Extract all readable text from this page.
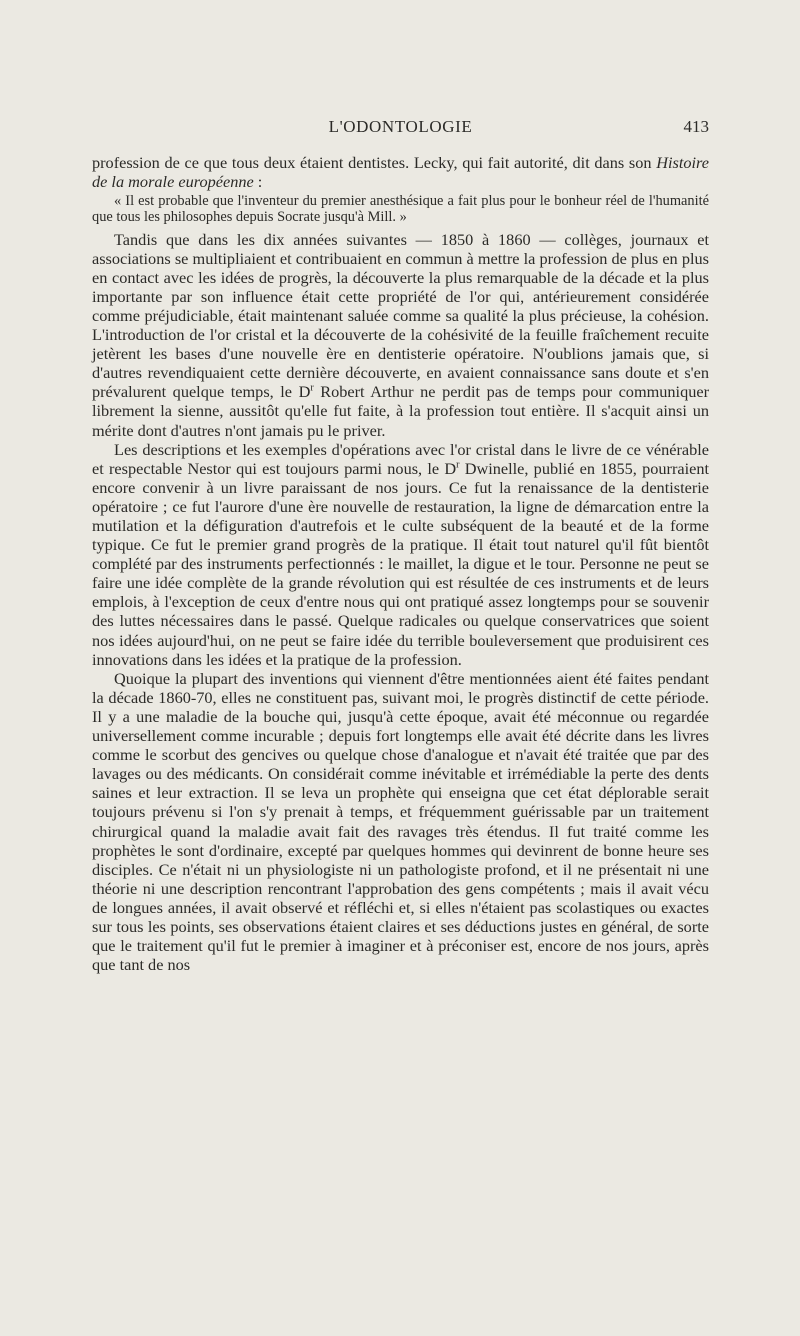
L'ODONTOLOGIE	413

profession de ce que tous deux étaient dentistes. Lecky, qui fait autorité, dit dans son Histoire de la morale européenne :

« Il est probable que l'inventeur du premier anesthésique a fait plus pour le bonheur réel de l'humanité que tous les philosophes depuis Socrate jusqu'à Mill. »

Tandis que dans les dix années suivantes — 1850 à 1860 — collèges, journaux et associations se multipliaient et contribuaient en commun à mettre la profession de plus en plus en contact avec les idées de progrès, la découverte la plus remarquable de la décade et la plus importante par son influence était cette propriété de l'or qui, antérieurement considérée comme préjudiciable, était maintenant saluée comme sa qualité la plus précieuse, la cohésion. L'introduction de l'or cristal et la découverte de la cohésivité de la feuille fraîchement recuite jetèrent les bases d'une nouvelle ère en dentisterie opératoire. N'oublions jamais que, si d'autres revendiquaient cette dernière découverte, en avaient connaissance sans doute et s'en prévalurent quelque temps, le $D^r$ Robert Arthur ne perdit pas de temps pour communiquer librement la sienne, aussitôt qu'elle fut faite, à la profession tout entière. Il s'acquit ainsi un mérite dont d'autres n'ont jamais pu le priver.

Les descriptions et les exemples d'opérations avec l'or cristal dans le livre de ce vénérable et respectable Nestor qui est toujours parmi nous, le $D^r$ Dwinelle, publié en 1855, pourraient encore convenir à un livre paraissant de nos jours. Ce fut la renaissance de la dentisterie opératoire ; ce fut l'aurore d'une ère nouvelle de restauration, la ligne de démarcation entre la mutilation et la défiguration d'autrefois et le culte subséquent de la beauté et de la forme typique. Ce fut le premier grand progrès de la pratique. Il était tout naturel qu'il fût bientôt complété par des instruments perfectionnés : le maillet, la digue et le tour. Personne ne peut se faire une idée complète de la grande révolution qui est résultée de ces instruments et de leurs emplois, à l'exception de ceux d'entre nous qui ont pratiqué assez longtemps pour se souvenir des luttes nécessaires dans le passé. Quelque radicales ou quelque conservatrices que soient nos idées aujourd'hui, on ne peut se faire idée du terrible bouleversement que produisirent ces innovations dans les idées et la pratique de la profession.

Quoique la plupart des inventions qui viennent d'être mentionnées aient été faites pendant la décade 1860-70, elles ne constituent pas, suivant moi, le progrès distinctif de cette période. Il y a une maladie de la bouche qui, jusqu'à cette époque, avait été méconnue ou regardée universellement comme incurable ; depuis fort longtemps elle avait été décrite dans les livres comme le scorbut des gencives ou quelque chose d'analogue et n'avait été traitée que par des lavages ou des médicants. On considérait comme inévitable et irrémédiable la perte des dents saines et leur extraction. Il se leva un prophète qui enseigna que cet état déplorable serait toujours prévenu si l'on s'y prenait à temps, et fréquemment guérissable par un traitement chirurgical quand la maladie avait fait des ravages très étendus. Il fut traité comme les prophètes le sont d'ordinaire, excepté par quelques hommes qui devinrent de bonne heure ses disciples. Ce n'était ni un physiologiste ni un pathologiste profond, et il ne présentait ni une théorie ni une description rencontrant l'approbation des gens compétents ; mais il avait vécu de longues années, il avait observé et réfléchi et, si elles n'étaient pas scolastiques ou exactes sur tous les points, ses observations étaient claires et ses déductions justes en général, de sorte que le traitement qu'il fut le premier à imaginer et à préconiser est, encore de nos jours, après que tant de nos
